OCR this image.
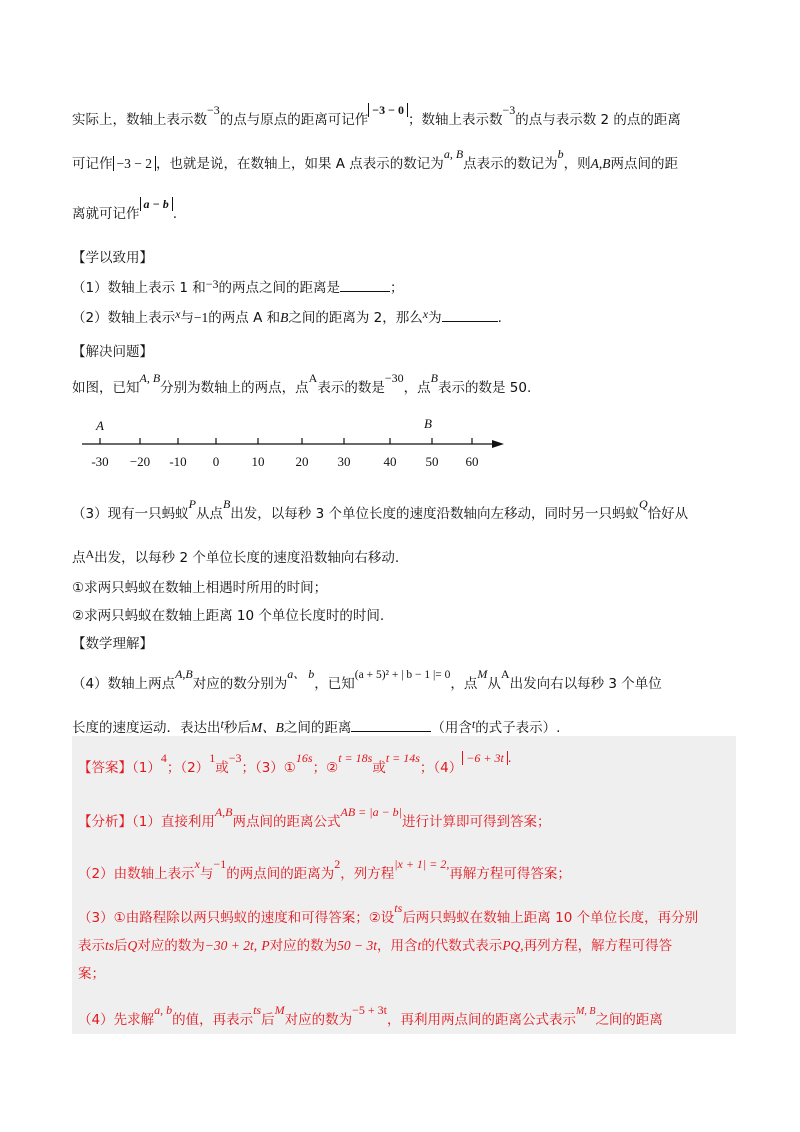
实际上，数轴上表示数−3的点与原点的距离可记作−3 − 0；数轴上表示数−3的点与表示数 2 的点的距离
可记作 −3 − 2 ，也就是说，在数轴上，如果 A 点表示的数记为a, B点表示的数记为b，则A,B两点间的距
离就可记作a − b.
【学以致用】
（1）数轴上表示 1 和−3的两点之间的距离是	；
（2）数轴上表示x与−1的两点 A 和B之间的距离为 2，那么x为	.
【解决问题】
如图，已知A, B分别为数轴上的两点，点A表示的数是−30，点B表示的数是 50.
-30 −20 -10 0 10 20 30	40 50 60
A	B
（3）现有一只蚂蚁P从点B出发，以每秒 3 个单位长度的速度沿数轴向左移动，同时另一只蚂蚁Q恰好从
点A出发，以每秒 2 个单位长度的速度沿数轴向右移动.
①求两只蚂蚁在数轴上相遇时所用的时间；
②求两只蚂蚁在数轴上距离 10 个单位长度时的时间.
【数学理解】
（4）数轴上两点A,B对应的数分别为a、 b，已知(a + 5)² + | b − 1 |= 0，点M从A出发向右以每秒 3 个单位
长度的速度运动．表达出t秒后M、B之间的距离	（用含t的式子表示）.
【答案】（1）4；（2）1或−3；（3）①16s；②t = 18s或t = 14s；（4）−6 + 3t .
【分析】（1）直接利用A,B两点间的距离公式AB = |a − b|进行计算即可得到答案；
（2）由数轴上表示x与−1的两点间的距离为2，列方程|x + 1| = 2,再解方程可得答案；
（3）①由路程除以两只蚂蚁的速度和可得答案；②设ts后两只蚂蚁在数轴上距离 10 个单位长度，再分别
表示ts后Q对应的数为−30 + 2t, P对应的数为50 − 3t，用含t的代数式表示PQ,再列方程，解方程可得答
案；
（4）先求解a, b的值，再表示ts后M对应的数为−5 + 3t，再利用两点间的距离公式表示$^{M, B}$之间的距离
